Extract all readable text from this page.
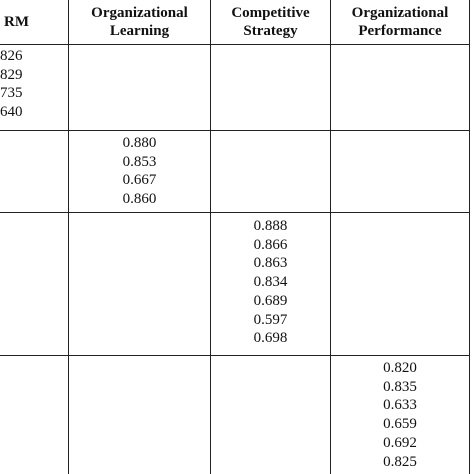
RM
Organizational
Learning
Competitive
Strategy
Organizational
Performance
826
829
735
640
0.880
0.853
0.667
0.860
0.888
0.866
0.863
0.834
0.689
0.597
0.698
0.820
0.835
0.633
0.659
0.692
0.825
